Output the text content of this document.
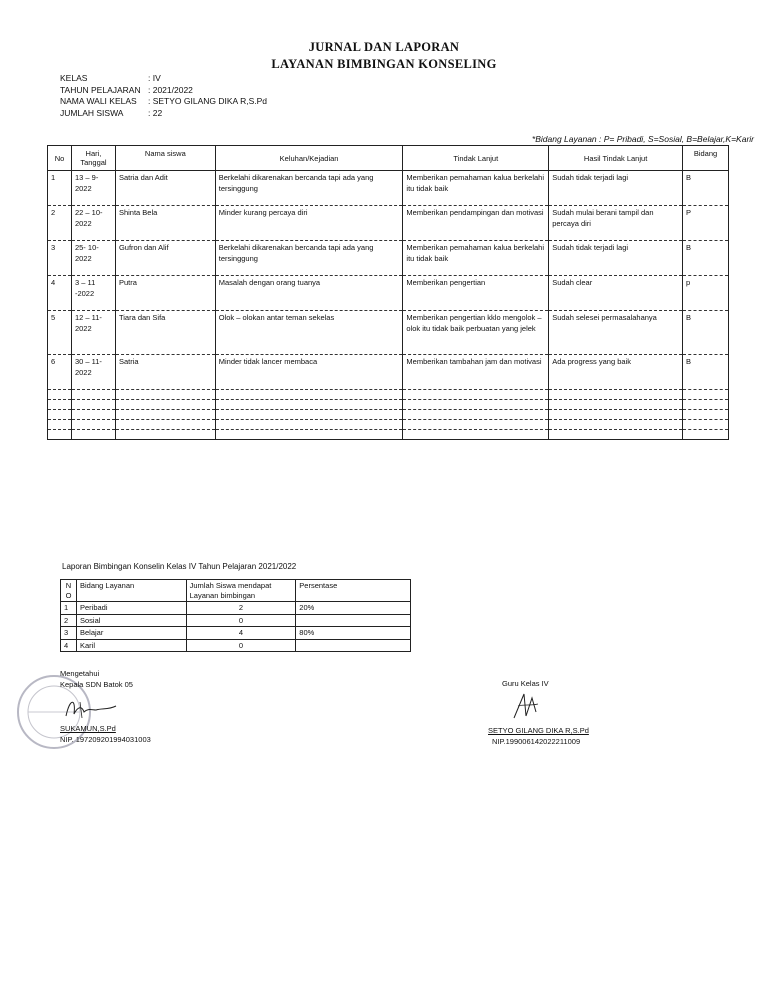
JURNAL DAN LAPORAN
LAYANAN BIMBINGAN KONSELING
KELAS	: IV
TAHUN PELAJARAN : 2021/2022
NAMA WALI KELAS	: SETYO GILANG DIKA R,S.Pd
JUMLAH SISWA	: 22
*Bidang Layanan : P= Pribadi, S=Sosial, B=Belajar,K=Karir
No	Hari, Tanggal	Nama siswa	Keluhan/Kejadian	Tindak Lanjut	Hasil Tindak Lanjut	Bidang
1	13 – 9-2022	Satria dan Adit	Berkelahi dikarenakan bercanda tapi ada yang tersinggung	Memberikan pemahaman kalua berkelahi itu tidak baik	Sudah tidak terjadi lagi	B
2	22 – 10-2022	Shinta Bela	Minder kurang percaya diri	Memberikan pendampingan dan motivasi	Sudah mulai berani tampil dan percaya diri	P
3	25- 10-2022	Gufron dan Alif	Berkelahi dikarenakan bercanda tapi ada yang tersinggung	Memberikan pemahaman kalua berkelahi itu tidak baik	Sudah tidak terjadi lagi	B
4	3 – 11 -2022	Putra	Masalah dengan orang tuanya	Memberikan pengertian	Sudah clear	p
5	12 – 11-2022	Tiara dan Sifa	Olok – olokan antar teman sekelas	Memberikan pengertian kklo mengolok – olok itu tidak baik perbuatan yang jelek	Sudah selesei permasalahanya	B
6	30 – 11-2022	Satria	Minder tidak lancer membaca	Memberikan tambahan jam dan motivasi	Ada progress yang baik	B

Laporan Bimbingan Konselin Kelas IV Tahun Pelajaran 2021/2022
N O	Bidang Layanan	Jumlah Siswa mendapat Layanan bimbingan	Persentase
1	Peribadi	2	20%
2	Sosial	0	
3	Belajar	4	80%
4	Karil	0	
Mengetahui
Kepala SDN Batok 05
SUKAMUN,S.Pd
NIP. 197209201994031003
Guru Kelas IV
SETYO GILANG DIKA R,S.Pd
NIP.199006142022211009
